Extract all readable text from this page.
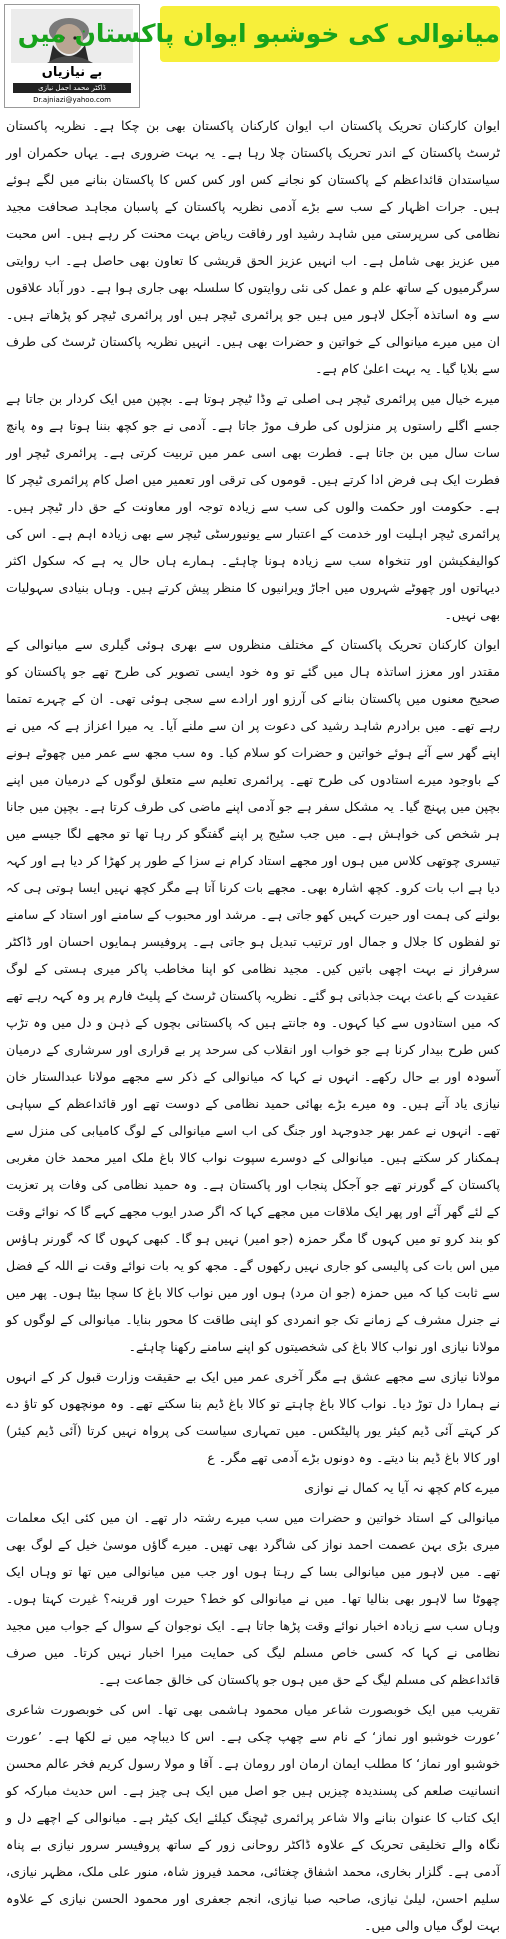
بے نیازیاں
ڈاکٹر محمد اجمل نیازی
Dr.ajniazi@yahoo.com
میانوالی کی خوشبو ایوان پاکستان میں

ایوان کارکنان تحریک پاکستان اب ایوان کارکنان پاکستان بھی بن چکا ہے۔ نظریہ پاکستان ٹرسٹ پاکستان کے اندر تحریک پاکستان چلا رہا ہے۔ یہ بہت ضروری ہے۔ یہاں حکمران اور سیاستدان قائداعظم کے پاکستان کو نجانے کس اور کس کس کا پاکستان بنانے میں لگے ہوئے ہیں۔ جرات اظہار کے سب سے بڑے آدمی نظریہ پاکستان کے پاسبان مجاہد صحافت مجید نظامی کی سرپرستی میں شاہد رشید اور رفاقت ریاض بہت محنت کر رہے ہیں۔ اس محبت میں عزیز بھی شامل ہے۔ اب انہیں عزیز الحق قریشی کا تعاون بھی حاصل ہے۔ اب روایتی سرگرمیوں کے ساتھ علم و عمل کی نئی روایتوں کا سلسلہ بھی جاری ہوا ہے۔ دور آباد علاقوں سے وہ اساتذہ آجکل لاہور میں ہیں جو پرائمری ٹیچر ہیں اور پرائمری ٹیچر کو پڑھاتے ہیں۔ ان میں میرے میانوالی کے خواتین و حضرات بھی ہیں۔ انہیں نظریہ پاکستان ٹرسٹ کی طرف سے بلایا گیا۔ یہ بہت اعلیٰ کام ہے۔

میرے خیال میں پرائمری ٹیچر ہی اصلی تے وڈا ٹیچر ہوتا ہے۔ بچپن میں ایک کردار بن جاتا ہے جسے اگلے راستوں پر منزلوں کی طرف موڑ جاتا ہے۔ آدمی نے جو کچھ بننا ہوتا ہے وہ پانچ سات سال میں بن جاتا ہے۔ فطرت بھی اسی عمر میں تربیت کرتی ہے۔ پرائمری ٹیچر اور فطرت ایک ہی فرض ادا کرتے ہیں۔ قوموں کی ترقی اور تعمیر میں اصل کام پرائمری ٹیچر کا ہے۔ حکومت اور حکمت والوں کی سب سے زیادہ توجہ اور معاونت کے حق دار ٹیچر ہیں۔ پرائمری ٹیچر اہلیت اور خدمت کے اعتبار سے یونیورسٹی ٹیچر سے بھی زیادہ اہم ہے۔ اس کی کوالیفکیشن اور تنخواہ سب سے زیادہ ہونا چاہئے۔ ہمارے ہاں حال یہ ہے کہ سکول اکثر دیہاتوں اور چھوٹے شہروں میں اجاڑ ویرانیوں کا منظر پیش کرتے ہیں۔ وہاں بنیادی سہولیات بھی نہیں۔

ایوان کارکنان تحریک پاکستان کے مختلف منظروں سے بھری ہوئی گیلری سے میانوالی کے مقتدر اور معزز اساتذہ ہال میں گئے تو وہ خود ایسی تصویر کی طرح تھے جو پاکستان کو صحیح معنوں میں پاکستان بنانے کی آرزو اور ارادے سے سجی ہوئی تھی۔ ان کے چہرے تمتما رہے تھے۔ میں برادرم شاہد رشید کی دعوت پر ان سے ملنے آیا۔ یہ میرا اعزاز ہے کہ میں نے اپنے گھر سے آئے ہوئے خواتین و حضرات کو سلام کیا۔ وہ سب مجھ سے عمر میں چھوٹے ہونے کے باوجود میرے استادوں کی طرح تھے۔ پرائمری تعلیم سے متعلق لوگوں کے درمیان میں اپنے بچپن میں پہنچ گیا۔ یہ مشکل سفر ہے جو آدمی اپنے ماضی کی طرف کرتا ہے۔ بچپن میں جانا ہر شخص کی خواہش ہے۔ میں جب سٹیج پر اپنے گفتگو کر رہا تھا تو مجھے لگا جیسے میں تیسری چوتھی کلاس میں ہوں اور مجھے استاد کرام نے سزا کے طور پر کھڑا کر دیا ہے اور کہہ دیا ہے اب بات کرو۔ کچھ اشارہ بھی۔ مجھے بات کرنا آتا ہے مگر کچھ نہیں ایسا ہوتی ہی کہ بولنے کی ہمت اور حیرت کہیں کھو جاتی ہے۔ مرشد اور محبوب کے سامنے اور استاد کے سامنے تو لفظوں کا جلال و جمال اور ترتیب تبدیل ہو جاتی ہے۔ پروفیسر ہمایوں احسان اور ڈاکٹر سرفراز نے بہت اچھی باتیں کیں۔ مجید نظامی کو اپنا مخاطب پاکر میری ہستی کے لوگ عقیدت کے باعث بہت جذباتی ہو گئے۔ نظریہ پاکستان ٹرسٹ کے پلیٹ فارم پر وہ کہہ رہے تھے کہ میں استادوں سے کیا کہوں۔ وہ جانتے ہیں کہ پاکستانی بچوں کے ذہن و دل میں وہ تڑپ کس طرح بیدار کرنا ہے جو خواب اور انقلاب کی سرحد پر بے قراری اور سرشاری کے درمیان آسودہ اور بے حال رکھے۔ انہوں نے کہا کہ میانوالی کے ذکر سے مجھے مولانا عبدالستار خان نیازی یاد آتے ہیں۔ وہ میرے بڑے بھائی حمید نظامی کے دوست تھے اور قائداعظم کے سپاہی تھے۔ انہوں نے عمر بھر جدوجہد اور جنگ کی اب اسے میانوالی کے لوگ کامیابی کی منزل سے ہمکنار کر سکتے ہیں۔ میانوالی کے دوسرے سپوت نواب کالا باغ ملک امیر محمد خان مغربی پاکستان کے گورنر تھے جو آجکل پنجاب اور پاکستان ہے۔ وہ حمید نظامی کی وفات پر تعزیت کے لئے گھر آئے اور پھر ایک ملاقات میں مجھے کہا کہ اگر صدر ایوب مجھے کہے گا کہ نوائے وقت کو بند کرو تو میں کہوں گا مگر حمزہ (جو امیر) نہیں ہو گا۔ کبھی کہوں گا کہ گورنر ہاؤس میں اس بات کی پالیسی کو جاری نہیں رکھوں گے۔ مجھ کو یہ بات نوائے وقت نے اللہ کے فضل سے ثابت کیا کہ میں حمزہ (جو ان مرد) ہوں اور میں نواب کالا باغ کا سچا بیٹا ہوں۔ پھر میں نے جنرل مشرف کے زمانے تک جو انمردی کو اپنی طاقت کا محور بنایا۔ میانوالی کے لوگوں کو مولانا نیازی اور نواب کالا باغ کی شخصیتوں کو اپنے سامنے رکھنا چاہئے۔

مولانا نیازی سے مجھے عشق ہے مگر آخری عمر میں ایک بے حقیقت وزارت قبول کر کے انہوں نے ہمارا دل توڑ دیا۔ نواب کالا باغ چاہتے تو کالا باغ ڈیم بنا سکتے تھے۔ وہ مونچھوں کو تاؤ دے کر کہتے آئی ڈیم کیئر یور پالیٹکس۔ میں تمہاری سیاست کی پرواہ نہیں کرتا (آئی ڈیم کیئر) اور کالا باغ ڈیم بنا دیتے۔ وہ دونوں بڑے آدمی تھے مگر۔ ع

میرے کام کچھ نہ آیا یہ کمال نے نوازی

میانوالی کے استاد خواتین و حضرات میں سب میرے رشتہ دار تھے۔ ان میں کئی ایک معلمات میری بڑی بہن عصمت احمد نواز کی شاگرد بھی تھیں۔ میرے گاؤں موسیٰ خیل کے لوگ بھی تھے۔ میں لاہور میں میانوالی بسا کے رہتا ہوں اور جب میں میانوالی میں تھا تو وہاں ایک چھوٹا سا لاہور بھی بنالیا تھا۔ میں نے میانوالی کو خط؟ حیرت اور قرینہ؟ غیرت کہتا ہوں۔ وہاں سب سے زیادہ اخبار نوائے وقت پڑھا جاتا ہے۔ ایک نوجوان کے سوال کے جواب میں مجید نظامی نے کہا کہ کسی خاص مسلم لیگ کی حمایت میرا اخبار نہیں کرتا۔ میں صرف قائداعظم کی مسلم لیگ کے حق میں ہوں جو پاکستان کی خالق جماعت ہے۔

تقریب میں ایک خوبصورت شاعر میاں محمود ہاشمی بھی تھا۔ اس کی خوبصورت شاعری ’عورت خوشبو اور نماز‘ کے نام سے چھپ چکی ہے۔ اس کا دیباچہ میں نے لکھا ہے۔ ’عورت خوشبو اور نماز‘ کا مطلب ایمان ارمان اور رومان ہے۔ آقا و مولا رسول کریم فخر عالم محسن انسانیت صلعم کی پسندیدہ چیزیں ہیں جو اصل میں ایک ہی چیز ہے۔ اس حدیث مبارکہ کو ایک کتاب کا عنوان بنانے والا شاعر پرائمری ٹیچنگ کیلئے ایک کیٹر ہے۔ میانوالی کے اچھے دل و نگاہ والے تخلیقی تحریک کے علاوہ ڈاکٹر روحانی زور کے ساتھ پروفیسر سرور نیازی بے پناہ آدمی ہے۔ گلزار بخاری، محمد اشفاق چغتائی، محمد فیروز شاہ، منور علی ملک، مظہر نیازی، سلیم احسن، لیلیٰ نیازی، صاحبہ صبا نیازی، انجم جعفری اور محمود الحسن نیازی کے علاوہ بہت لوگ میاں والی میں۔
